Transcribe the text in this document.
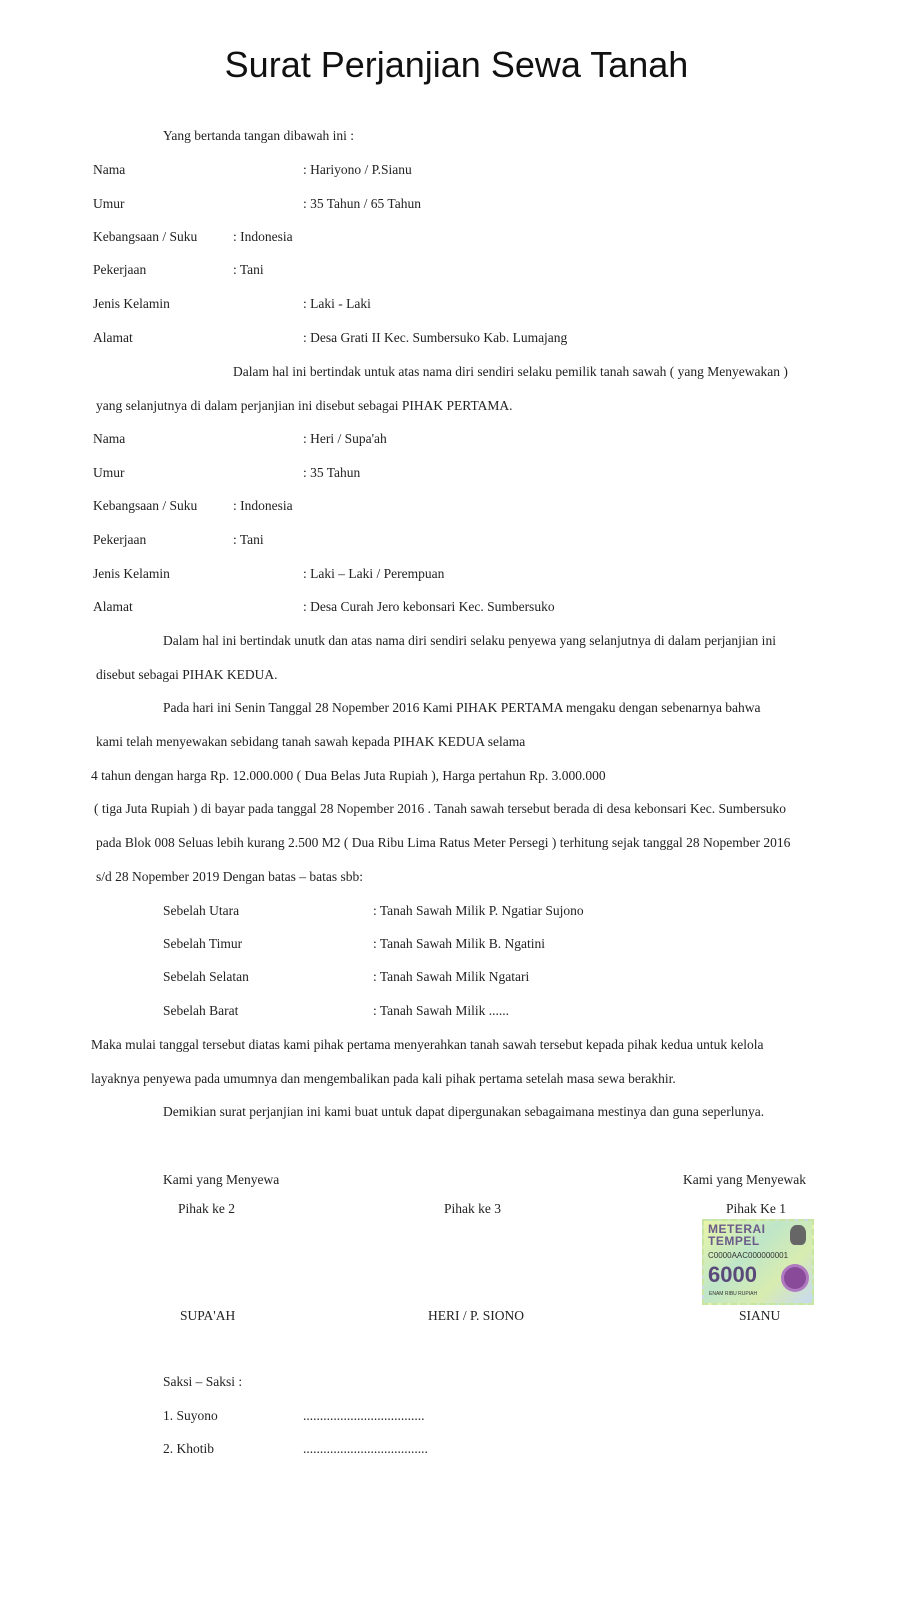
Surat Perjanjian Sewa Tanah
Yang bertanda tangan dibawah ini :
Nama	: Hariyono / P.Sianu
Umur	: 35 Tahun / 65 Tahun
Kebangsaan / Suku	: Indonesia
Pekerjaan	: Tani
Jenis Kelamin	: Laki - Laki
Alamat	: Desa Grati II Kec. Sumbersuko Kab. Lumajang
Dalam hal ini bertindak untuk atas nama diri sendiri selaku pemilik tanah sawah ( yang Menyewakan )
yang selanjutnya di dalam perjanjian ini disebut sebagai PIHAK PERTAMA.
Nama	: Heri / Supa'ah
Umur	: 35 Tahun
Kebangsaan / Suku	: Indonesia
Pekerjaan	: Tani
Jenis Kelamin	: Laki – Laki / Perempuan
Alamat	: Desa Curah Jero kebonsari Kec. Sumbersuko
Dalam hal ini bertindak unutk dan atas nama diri sendiri selaku penyewa yang selanjutnya di dalam perjanjian ini
disebut sebagai PIHAK KEDUA.
Pada hari ini Senin Tanggal 28 Nopember 2016 Kami PIHAK PERTAMA mengaku dengan sebenarnya bahwa
kami telah menyewakan sebidang tanah sawah kepada PIHAK KEDUA selama
4 tahun dengan harga Rp. 12.000.000 ( Dua Belas Juta Rupiah ), Harga pertahun Rp. 3.000.000
( tiga Juta Rupiah ) di bayar pada tanggal 28 Nopember 2016 . Tanah sawah tersebut berada di desa kebonsari Kec. Sumbersuko
pada Blok 008 Seluas lebih kurang 2.500 M2 ( Dua Ribu Lima Ratus Meter Persegi ) terhitung sejak tanggal 28 Nopember 2016
s/d 28 Nopember 2019 Dengan batas – batas sbb:
Sebelah Utara	: Tanah Sawah Milik P. Ngatiar Sujono
Sebelah Timur	: Tanah Sawah Milik B. Ngatini
Sebelah Selatan	: Tanah Sawah Milik Ngatari
Sebelah Barat	: Tanah Sawah Milik ......
Maka mulai tanggal tersebut diatas kami pihak pertama menyerahkan tanah sawah tersebut kepada pihak kedua untuk kelola
layaknya penyewa pada umumnya dan mengembalikan pada kali pihak pertama setelah masa sewa berakhir.
Demikian surat perjanjian ini kami buat untuk dapat dipergunakan sebagaimana mestinya dan guna seperlunya.
Kami yang Menyewa	Kami yang Menyewak
Pihak ke 2	Pihak ke 3	Pihak Ke 1
METERAI
TEMPEL
C0000AAC000000001
6000
ENAM RIBU RUPIAH
SUPA'AH	HERI / P. SIONO	SIANU
Saksi – Saksi :
1. Suyono	....................................
2. Khotib	.....................................
